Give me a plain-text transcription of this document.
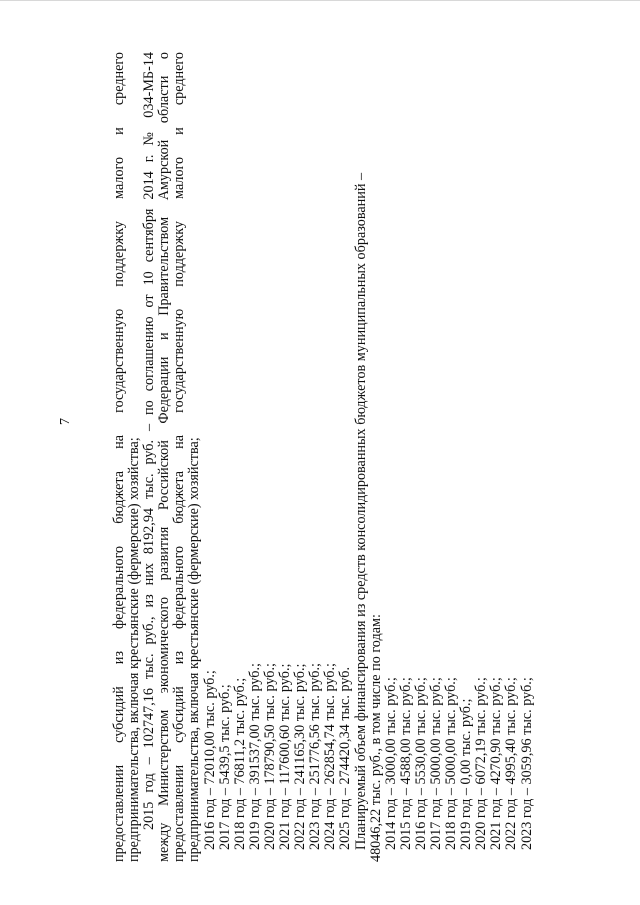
7	предоставлении субсидий из федерального бюджета на государственную поддержку малого и среднего предпринимательства, включая крестьянские (фермерские) хозяйства; 2015 год – 102747,16 тыс. руб., из них 8192,94 тыс. руб. – по соглашению от 10 сентября 2014 г. № 034-МБ-14 между Министерством экономического развития Российской Федерации и Правительством Амурской области о предоставлении субсидий из федерального бюджета на государственную поддержку малого и среднего предпринимательства, включая крестьянские (фермерские) хозяйства; 2016 год – 72010,00 тыс. руб.; 2017 год – 5439,5 тыс. руб.; 2018 год – 76811,2 тыс. руб.; 2019 год – 391537,00 тыс. руб.; 2020 год – 178790,50 тыс. руб.; 2021 год – 117600,60 тыс. руб.; 2022 год – 241165,30 тыс. руб.; 2023 год – 251776,56 тыс. руб.; 2024 год – 262854,74 тыс. руб.; 2025 год – 274420,34 тыс. руб. Планируемый объем финансирования из средств консолидированных бюджетов муниципальных образований – 48046,22 тыс. руб., в том числе по годам: 2014 год – 3000,00 тыс. руб.; 2015 год – 4588,00 тыс. руб.; 2016 год – 5530,00 тыс. руб.; 2017 год – 5000,00 тыс. руб.; 2018 год – 5000,00 тыс. руб.; 2019 год – 0,00 тыс. руб.; 2020 год – 6072,19 тыс. руб.; 2021 год – 4270,90 тыс. руб.; 2022 год – 4995,40 тыс. руб.; 2023 год – 3059,96 тыс. руб.;
